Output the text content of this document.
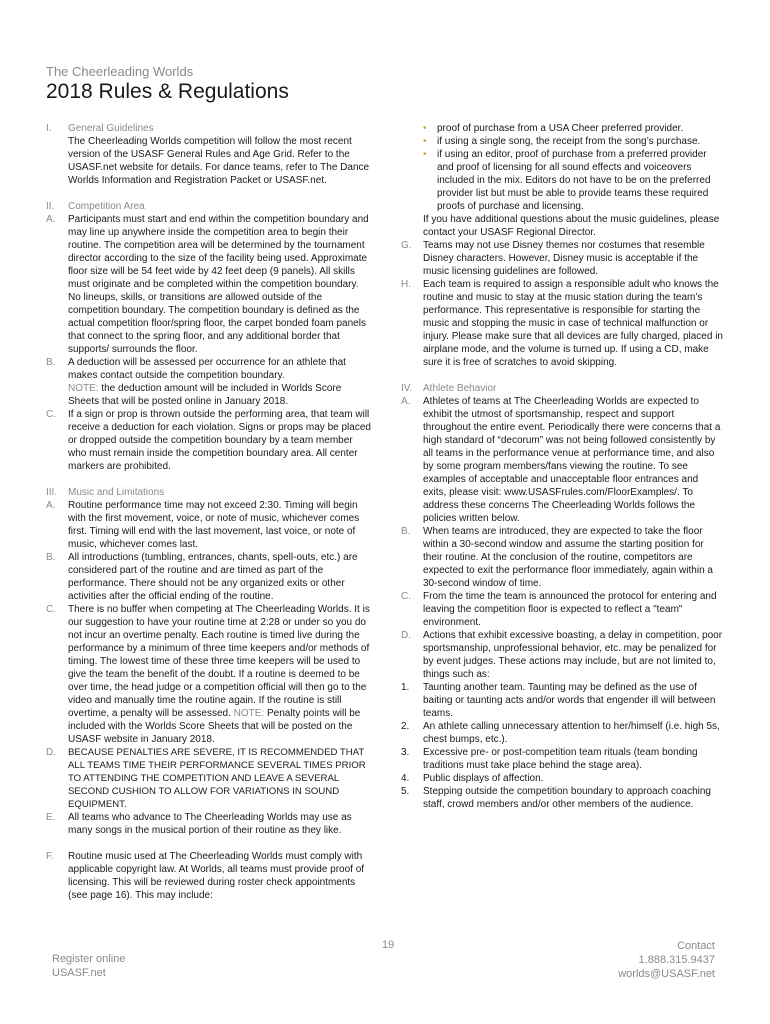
The Cheerleading Worlds
2018 Rules & Regulations
I.	General Guidelines
The Cheerleading Worlds competition will follow the most recent version of the USASF General Rules and Age Grid. Refer to the USASF.net website for details. For dance teams, refer to The Dance Worlds Information and Registration Packet or USASF.net.
II.	Competition Area
A.	Participants must start and end within the competition boundary and may line up anywhere inside the competition area to begin their routine. The competition area will be determined by the tournament director according to the size of the facility being used. Approximate floor size will be 54 feet wide by 42 feet deep (9 panels). All skills must originate and be completed within the competition boundary. No lineups, skills, or transitions are allowed outside of the competition boundary. The competition boundary is defined as the actual competition floor/spring floor, the carpet bonded foam panels that connect to the spring floor, and any additional border that supports/ surrounds the floor.
B.	A deduction will be assessed per occurrence for an athlete that makes contact outside the competition boundary.
NOTE: the deduction amount will be included in Worlds Score Sheets that will be posted online in January 2018.
C.	If a sign or prop is thrown outside the performing area, that team will receive a deduction for each violation. Signs or props may be placed or dropped outside the competition boundary by a team member who must remain inside the competition boundary area. All center markers are prohibited.
III.	Music and Limitations
A.	Routine performance time may not exceed 2:30. Timing will begin with the first movement, voice, or note of music, whichever comes first. Timing will end with the last movement, last voice, or note of music, whichever comes last.
B.	All introductions (tumbling, entrances, chants, spell-outs, etc.) are considered part of the routine and are timed as part of the performance. There should not be any organized exits or other activities after the official ending of the routine.
C.	There is no buffer when competing at The Cheerleading Worlds. It is our suggestion to have your routine time at 2:28 or under so you do not incur an overtime penalty. Each routine is timed live during the performance by a minimum of three time keepers and/or methods of timing. The lowest time of these three time keepers will be used to give the team the benefit of the doubt. If a routine is deemed to be over time, the head judge or a competition official will then go to the video and manually time the routine again. If the routine is still overtime, a penalty will be assessed. NOTE: Penalty points will be included with the Worlds Score Sheets that will be posted on the USASF website in January 2018.
D.	BECAUSE PENALTIES ARE SEVERE, IT IS RECOMMENDED THAT ALL TEAMS TIME THEIR PERFORMANCE SEVERAL TIMES PRIOR TO ATTENDING THE COMPETITION AND LEAVE A SEVERAL SECOND CUSHION TO ALLOW FOR VARIATIONS IN SOUND EQUIPMENT.
E.	All teams who advance to The Cheerleading Worlds may use as many songs in the musical portion of their routine as they like.
F.	Routine music used at The Cheerleading Worlds must comply with applicable copyright law. At Worlds, all teams must provide proof of licensing. This will be reviewed during roster check appointments (see page 16). This may include:
•	proof of purchase from a USA Cheer preferred provider.
•	if using a single song, the receipt from the song’s purchase.
•	if using an editor, proof of purchase from a preferred provider and proof of licensing for all sound effects and voiceovers included in the mix. Editors do not have to be on the preferred provider list but must be able to provide teams these required proofs of purchase and licensing.
If you have additional questions about the music guidelines, please contact your USASF Regional Director.
G.	Teams may not use Disney themes nor costumes that resemble Disney characters. However, Disney music is acceptable if the music licensing guidelines are followed.
H.	Each team is required to assign a responsible adult who knows the routine and music to stay at the music station during the team’s performance. This representative is responsible for starting the music and stopping the music in case of technical malfunction or injury. Please make sure that all devices are fully charged, placed in airplane mode, and the volume is turned up. If using a CD, make sure it is free of scratches to avoid skipping.
IV.	Athlete Behavior
A.	Athletes of teams at The Cheerleading Worlds are expected to exhibit the utmost of sportsmanship, respect and support throughout the entire event. Periodically there were concerns that a high standard of “decorum” was not being followed consistently by all teams in the performance venue at performance time, and also by some program members/fans viewing the routine. To see examples of acceptable and unacceptable floor entrances and exits, please visit: www.USASFrules.com/FloorExamples/. To address these concerns The Cheerleading Worlds follows the policies written below.
B.	When teams are introduced, they are expected to take the floor within a 30-second window and assume the starting position for their routine. At the conclusion of the routine, competitors are expected to exit the performance floor immediately, again within a 30-second window of time.
C.	From the time the team is announced the protocol for entering and leaving the competition floor is expected to reflect a "team" environment.
D.	Actions that exhibit excessive boasting, a delay in competition, poor sportsmanship, unprofessional behavior, etc. may be penalized for by event judges. These actions may include, but are not limited to, things such as:
1.	Taunting another team. Taunting may be defined as the use of baiting or taunting acts and/or words that engender ill will between teams.
2.	An athlete calling unnecessary attention to her/himself (i.e. high 5s, chest bumps, etc.).
3.	Excessive pre- or post-competition team rituals (team bonding traditions must take place behind the stage area).
4.	Public displays of affection.
5.	Stepping outside the competition boundary to approach coaching staff, crowd members and/or other members of the audience.
19
Register online
USASF.net
Contact
1.888.315.9437
worlds@USASF.net
